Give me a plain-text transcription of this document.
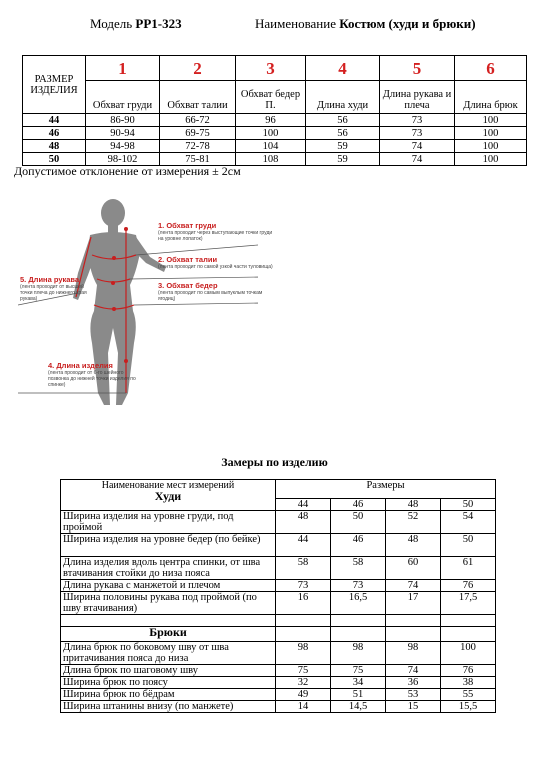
Модель PP1-323	Наименование Костюм (худи и брюки)
РАЗМЕР ИЗДЕЛИЯ	1	2	3	4	5	6
	Обхват груди	Обхват талии	Обхват бедер П.	Длина худи	Длина рукава и плеча	Длина брюк
44	86-90	66-72	96	56	73	100
46	90-94	69-75	100	56	73	100
48	94-98	72-78	104	59	74	100
50	98-102	75-81	108	59	74	100
Допустимое отклонение от измерения ± 2см
1. Обхват груди
(лента проходит через выступающие точки груди на уровне лопаток)
2. Обхват талии
(лента проходит по самой узкой части туловища)
3. Обхват бедер
(лента проходит по самым выпуклым точкам ягодиц)
5. Длина рукава
(лента проходит от высшей точки плеча до нижнего края рукава)
4. Длина изделия
(лента проходит от 6-го шейного позвонка до нижней точки изделия по спинке)
Замеры по изделию
Наименование мест измерений
Худи	Размеры			
	44	46	48	50
Ширина изделия на уровне груди, под проймой	48	50	52	54
Ширина изделия на уровне бедер (по бейке)	44	46	48	50
Длина изделия вдоль центра спинки, от шва втачивания стойки до низа пояса	58	58	60	61
Длина рукава с манжетой и плечом	73	73	74	76
Ширина половины рукава под проймой (по шву втачивания)	16	16,5	17	17,5

Брюки				
Длина брюк по боковому шву от шва притачивания пояса до низа	98	98	98	100
Длина брюк по шаговому шву	75	75	74	76
Ширина брюк по поясу	32	34	36	38
Ширина брюк по бёдрам	49	51	53	55
Ширина штанины внизу (по манжете)	14	14,5	15	15,5
